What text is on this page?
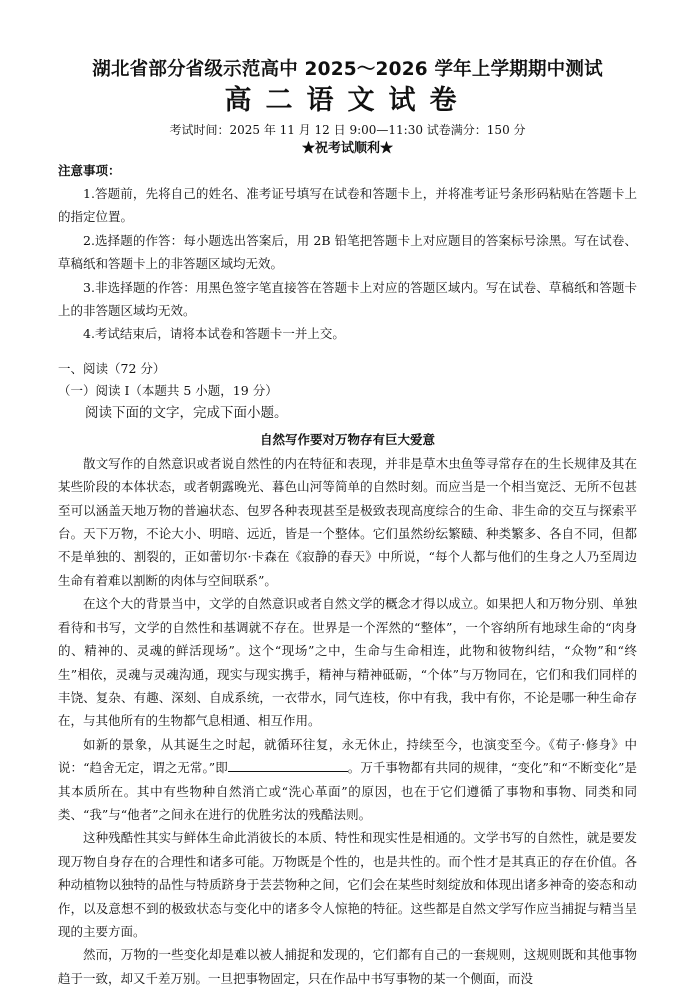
湖北省部分省级示范高中 2025～2026 学年上学期期中测试
高二语文试卷
考试时间：2025 年 11 月 12 日 9:00—11:30 试卷满分：150 分
★祝考试顺利★
注意事项：
1.答题前，先将自己的姓名、准考证号填写在试卷和答题卡上，并将准考证号条形码粘贴在答题卡上的指定位置。
2.选择题的作答：每小题选出答案后，用 2B 铅笔把答题卡上对应题目的答案标号涂黑。写在试卷、草稿纸和答题卡上的非答题区域均无效。
3.非选择题的作答：用黑色签字笔直接答在答题卡上对应的答题区域内。写在试卷、草稿纸和答题卡上的非答题区域均无效。
4.考试结束后，请将本试卷和答题卡一并上交。
一、阅读（72 分）
（一）阅读 I（本题共 5 小题，19 分）
阅读下面的文字，完成下面小题。
自然写作要对万物存有巨大爱意

散文写作的自然意识或者说自然性的内在特征和表现，并非是草木虫鱼等寻常存在的生长规律及其在某些阶段的本体状态，或者朝露晚光、暮色山河等简单的自然时刻。而应当是一个相当宽泛、无所不包甚至可以涵盖天地万物的普遍状态、包罗各种表现甚至是极致表现高度综合的生命、非生命的交互与探索平台。天下万物，不论大小、明暗、远近，皆是一个整体。它们虽然纷纭繁赜、种类繁多、各自不同，但都不是单独的、割裂的，正如蕾切尔·卡森在《寂静的春天》中所说，“每个人都与他们的生身之人乃至周边生命有着难以割断的肉体与空间联系”。

在这个大的背景当中，文学的自然意识或者自然文学的概念才得以成立。如果把人和万物分别、单独看待和书写，文学的自然性和基调就不存在。世界是一个浑然的“整体”，一个容纳所有地球生命的“肉身的、精神的、灵魂的鲜活现场”。这个“现场”之中，生命与生命相连，此物和彼物纠结，“众物”和“终生”相依，灵魂与灵魂沟通，现实与现实携手，精神与精神砥砺，“个体”与万物同在，它们和我们同样的丰饶、复杂、有趣、深刻、自成系统，一衣带水，同气连枝，你中有我，我中有你，不论是哪一种生命存在，与其他所有的生物都气息相通、相互作用。

如新的景象，从其诞生之时起，就循环往复，永无休止，持续至今，也演变至今。《荀子·修身》中说：“趋舍无定，谓之无常。”即	。万千事物都有共同的规律，“变化”和“不断变化”是其本质所在。其中有些物种自然消亡或“洗心革面”的原因，也在于它们遵循了事物和事物、同类和同类、“我”与“他者”之间永在进行的优胜劣汰的残酷法则。

这种残酷性其实与鲜体生命此消彼长的本质、特性和现实性是相通的。文学书写的自然性，就是要发现万物自身存在的合理性和诸多可能。万物既是个性的，也是共性的。而个性才是其真正的存在价值。各种动植物以独特的品性与特质跻身于芸芸物种之间，它们会在某些时刻绽放和体现出诸多神奇的姿态和动作，以及意想不到的极致状态与变化中的诸多令人惊艳的特征。这些都是自然文学写作应当捕捉与精当呈现的主要方面。

然而，万物的一些变化却是难以被人捕捉和发现的，它们都有自己的一套规则，这规则既和其他事物趋于一致，却又千差万别。一旦把事物固定，只在作品中书写事物的某一个侧面，而没
